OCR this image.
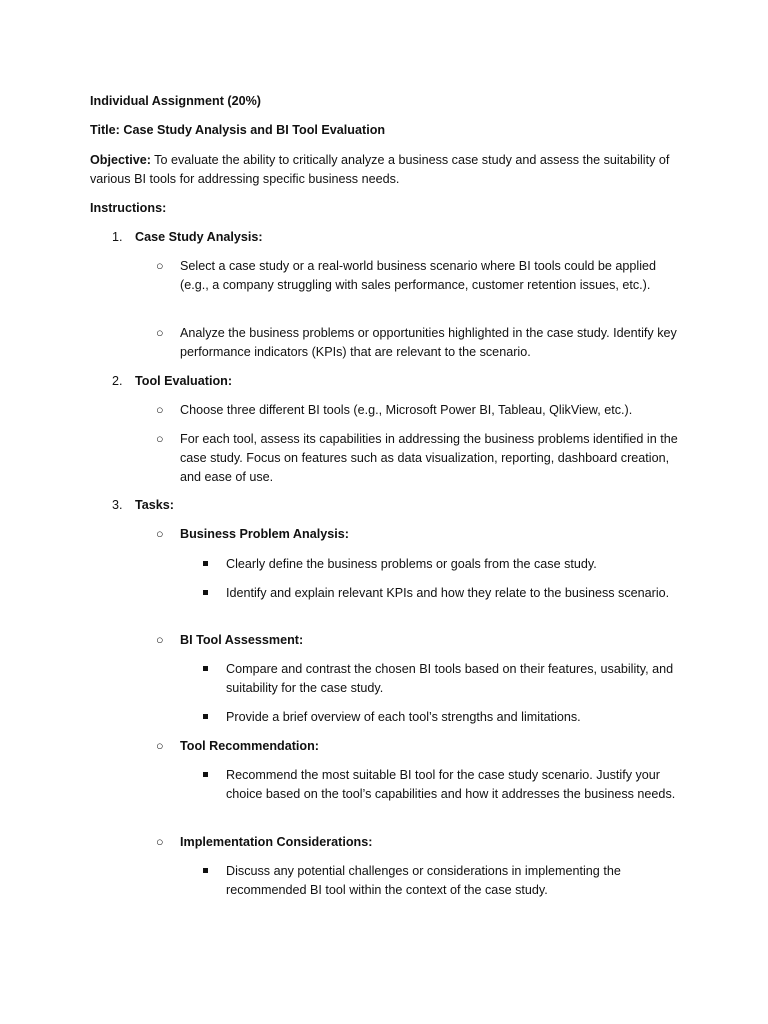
Individual Assignment (20%)

Title: Case Study Analysis and BI Tool Evaluation

Objective: To evaluate the ability to critically analyze a business case study and assess the suitability of various BI tools for addressing specific business needs.

Instructions:

1. Case Study Analysis:
○ Select a case study or a real-world business scenario where BI tools could be applied (e.g., a company struggling with sales performance, customer retention issues, etc.).
○ Analyze the business problems or opportunities highlighted in the case study. Identify key performance indicators (KPIs) that are relevant to the scenario.
2. Tool Evaluation:
○ Choose three different BI tools (e.g., Microsoft Power BI, Tableau, QlikView, etc.).
○ For each tool, assess its capabilities in addressing the business problems identified in the case study. Focus on features such as data visualization, reporting, dashboard creation, and ease of use.
3. Tasks:
○ Business Problem Analysis:
Clearly define the business problems or goals from the case study.
Identify and explain relevant KPIs and how they relate to the business scenario.
○ BI Tool Assessment:
Compare and contrast the chosen BI tools based on their features, usability, and suitability for the case study.
Provide a brief overview of each tool’s strengths and limitations.
○ Tool Recommendation:
Recommend the most suitable BI tool for the case study scenario. Justify your choice based on the tool’s capabilities and how it addresses the business needs.
○ Implementation Considerations:
Discuss any potential challenges or considerations in implementing the recommended BI tool within the context of the case study.
